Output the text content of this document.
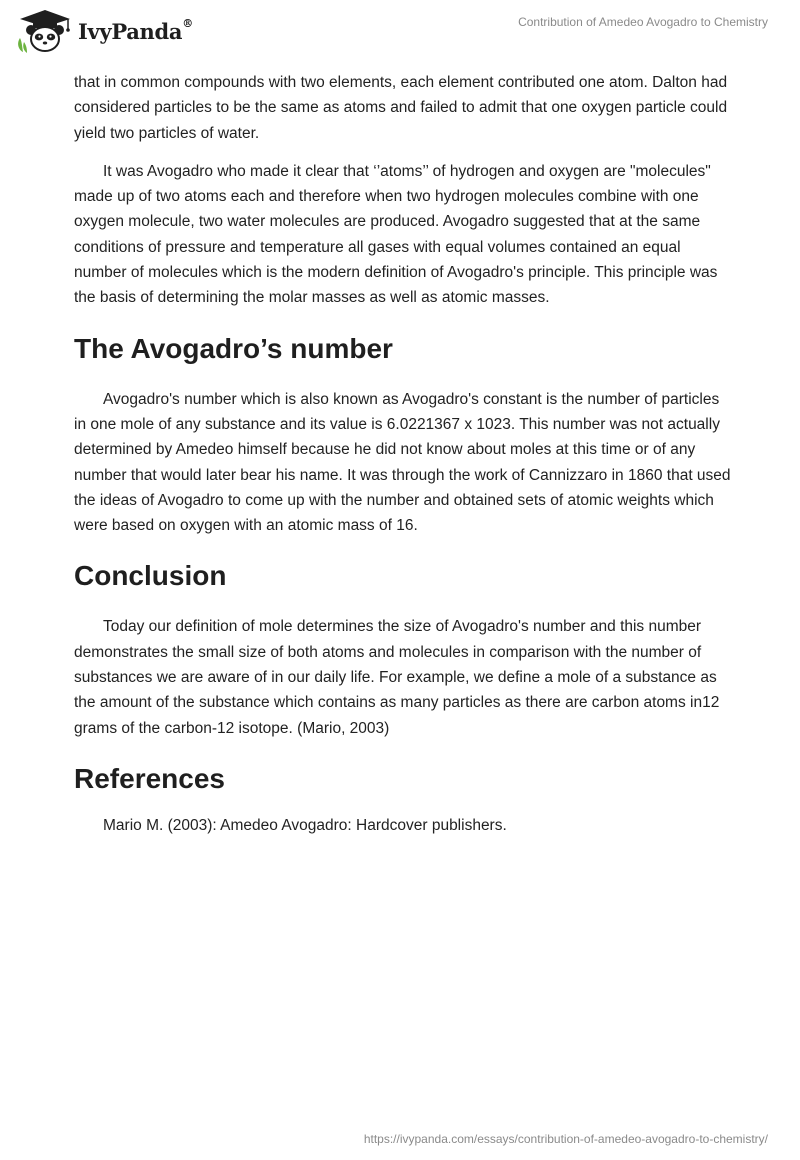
IvyPanda®	Contribution of Amedeo Avogadro to Chemistry

that in common compounds with two elements, each element contributed one atom. Dalton had considered particles to be the same as atoms and failed to admit that one oxygen particle could yield two particles of water.

It was Avogadro who made it clear that ‘’atoms’’ of hydrogen and oxygen are "molecules" made up of two atoms each and therefore when two hydrogen molecules combine with one oxygen molecule, two water molecules are produced. Avogadro suggested that at the same conditions of pressure and temperature all gases with equal volumes contained an equal number of molecules which is the modern definition of Avogadro's principle. This principle was the basis of determining the molar masses as well as atomic masses.

The Avogadro’s number

Avogadro's number which is also known as Avogadro's constant is the number of particles in one mole of any substance and its value is 6.0221367 x 1023. This number was not actually determined by Amedeo himself because he did not know about moles at this time or of any number that would later bear his name. It was through the work of Cannizzaro in 1860 that used the ideas of Avogadro to come up with the number and obtained sets of atomic weights which were based on oxygen with an atomic mass of 16.

Conclusion

Today our definition of mole determines the size of Avogadro's number and this number demonstrates the small size of both atoms and molecules in comparison with the number of substances we are aware of in our daily life. For example, we define a mole of a substance as the amount of the substance which contains as many particles as there are carbon atoms in12 grams of the carbon-12 isotope. (Mario, 2003)

References

Mario M. (2003): Amedeo Avogadro: Hardcover publishers.

https://ivypanda.com/essays/contribution-of-amedeo-avogadro-to-chemistry/
